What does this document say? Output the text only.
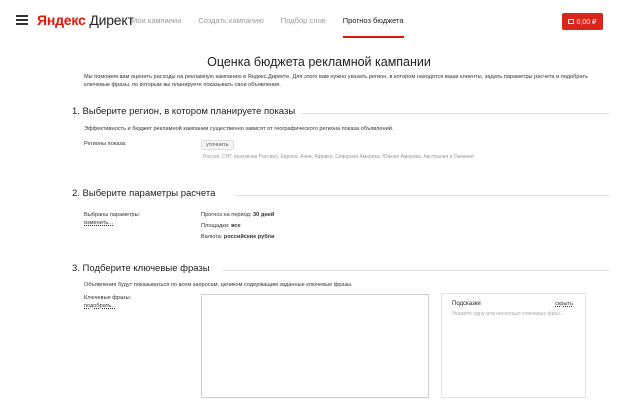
Яндекс Директ
Мои кампании Создать кампанию Подбор слов Прогноз бюджета	0,00 ₽
Оценка бюджета рекламной кампании
Мы поможем вам оценить расходы на рекламную кампанию в Яндекс.Директе. Для этого вам нужно указать регион, в котором находятся ваши клиенты, задать параметры расчета и подобрать ключевые фразы, по которым вы планируете показывать свои объявления.
1. Выберите регион, в котором планируете показы
Эффективность и бюджет рекламной кампании существенно зависят от географического региона показа объявлений.
Регионы показа:	уточнить
Россия, СНГ (исключая Россию), Европа, Азия, Африка, Северная Америка, Южная Америка, Австралия и Океания
2. Выберите параметры расчета
Выбраны параметры:
изменить...
Прогноз на период: 30 дней
Площадки: все
Валюта: российские рубли
3. Подберите ключевые фразы
Объявления будут показываться по всем запросам, целиком содержащим заданные ключевые фразы.
Ключевые фразы:
подобрать...	Подсказки	скрыть
Укажите одну или несколько ключевых фраз...
